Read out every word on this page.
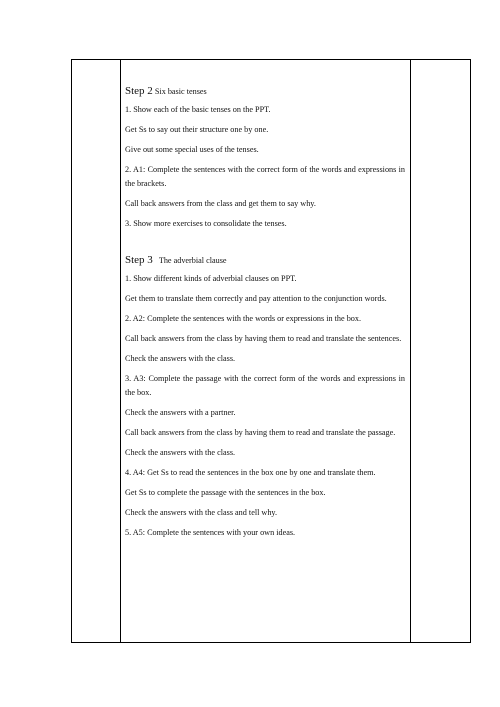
Step 2 Six basic tenses

1. Show each of the basic tenses on the PPT.

Get Ss to say out their structure one by one.

Give out some special uses of the tenses.

2. A1: Complete the sentences with the correct form of the words and expressions in the brackets.

Call back answers from the class and get them to say why.

3. Show more exercises to consolidate the tenses.

Step 3 The adverbial clause

1. Show different kinds of adverbial clauses on PPT.

Get them to translate them correctly and pay attention to the conjunction words.

2. A2: Complete the sentences with the words or expressions in the box.

Call back answers from the class by having them to read and translate the sentences.

Check the answers with the class.

3. A3: Complete the passage with the correct form of the words and expressions in the box.

Check the answers with a partner.

Call back answers from the class by having them to read and translate the passage.

Check the answers with the class.

4. A4: Get Ss to read the sentences in the box one by one and translate them.

Get Ss to complete the passage with the sentences in the box.

Check the answers with the class and tell why.

5. A5: Complete the sentences with your own ideas.
